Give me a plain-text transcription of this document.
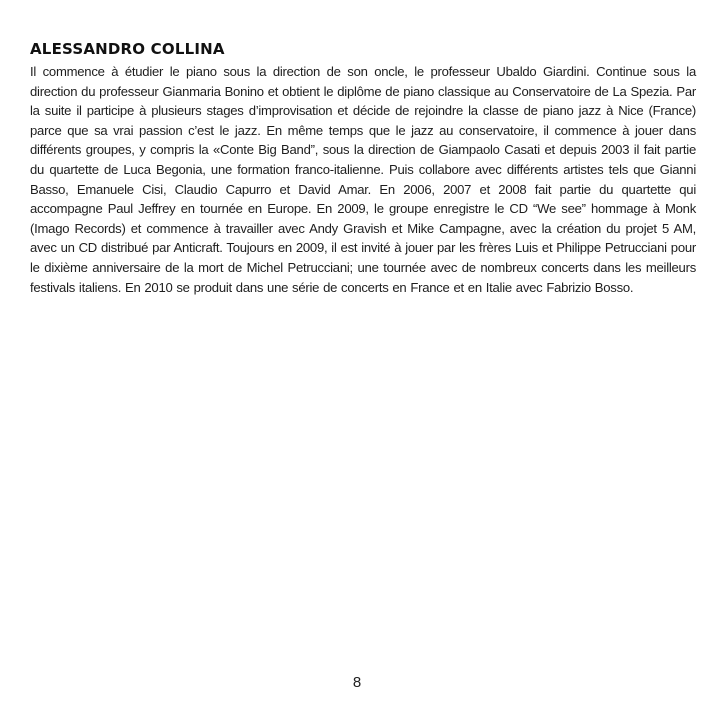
ALESSANDRO COLLINA

Il commence à étudier le piano sous la direction de son oncle, le professeur Ubaldo Giardini. Continue sous la direction du professeur Gianmaria Bonino et obtient le diplôme de piano classique au Conservatoire de La Spezia. Par la suite il participe à plusieurs stages d’improvisation et décide de rejoindre la classe de piano jazz à Nice (France) parce que sa vrai passion c’est le jazz. En même temps que le jazz au conservatoire, il commence à jouer dans différents groupes, y compris la «Conte Big Band”, sous la direction de Giampaolo Casati et depuis 2003 il fait partie du quartette de Luca Begonia, une formation franco-italienne. Puis collabore avec différents artistes tels que Gianni Basso, Emanuele Cisi, Claudio Capurro et David Amar. En 2006, 2007 et 2008 fait partie du quartette qui accompagne Paul Jeffrey en tournée en Europe. En 2009, le groupe enregistre le CD “We see” hommage à Monk (Imago Records) et commence à travailler avec Andy Gravish et Mike Campagne, avec la création du projet 5 AM, avec un CD distribué par Anticraft. Toujours en 2009, il est invité à jouer par les frères Luis et Philippe Petrucciani pour le dixième anniversaire de la mort de Michel Petrucciani; une tournée avec de nombreux concerts dans les meilleurs festivals italiens. En 2010 se produit dans une série de concerts en France et en Italie avec Fabrizio Bosso.

8
